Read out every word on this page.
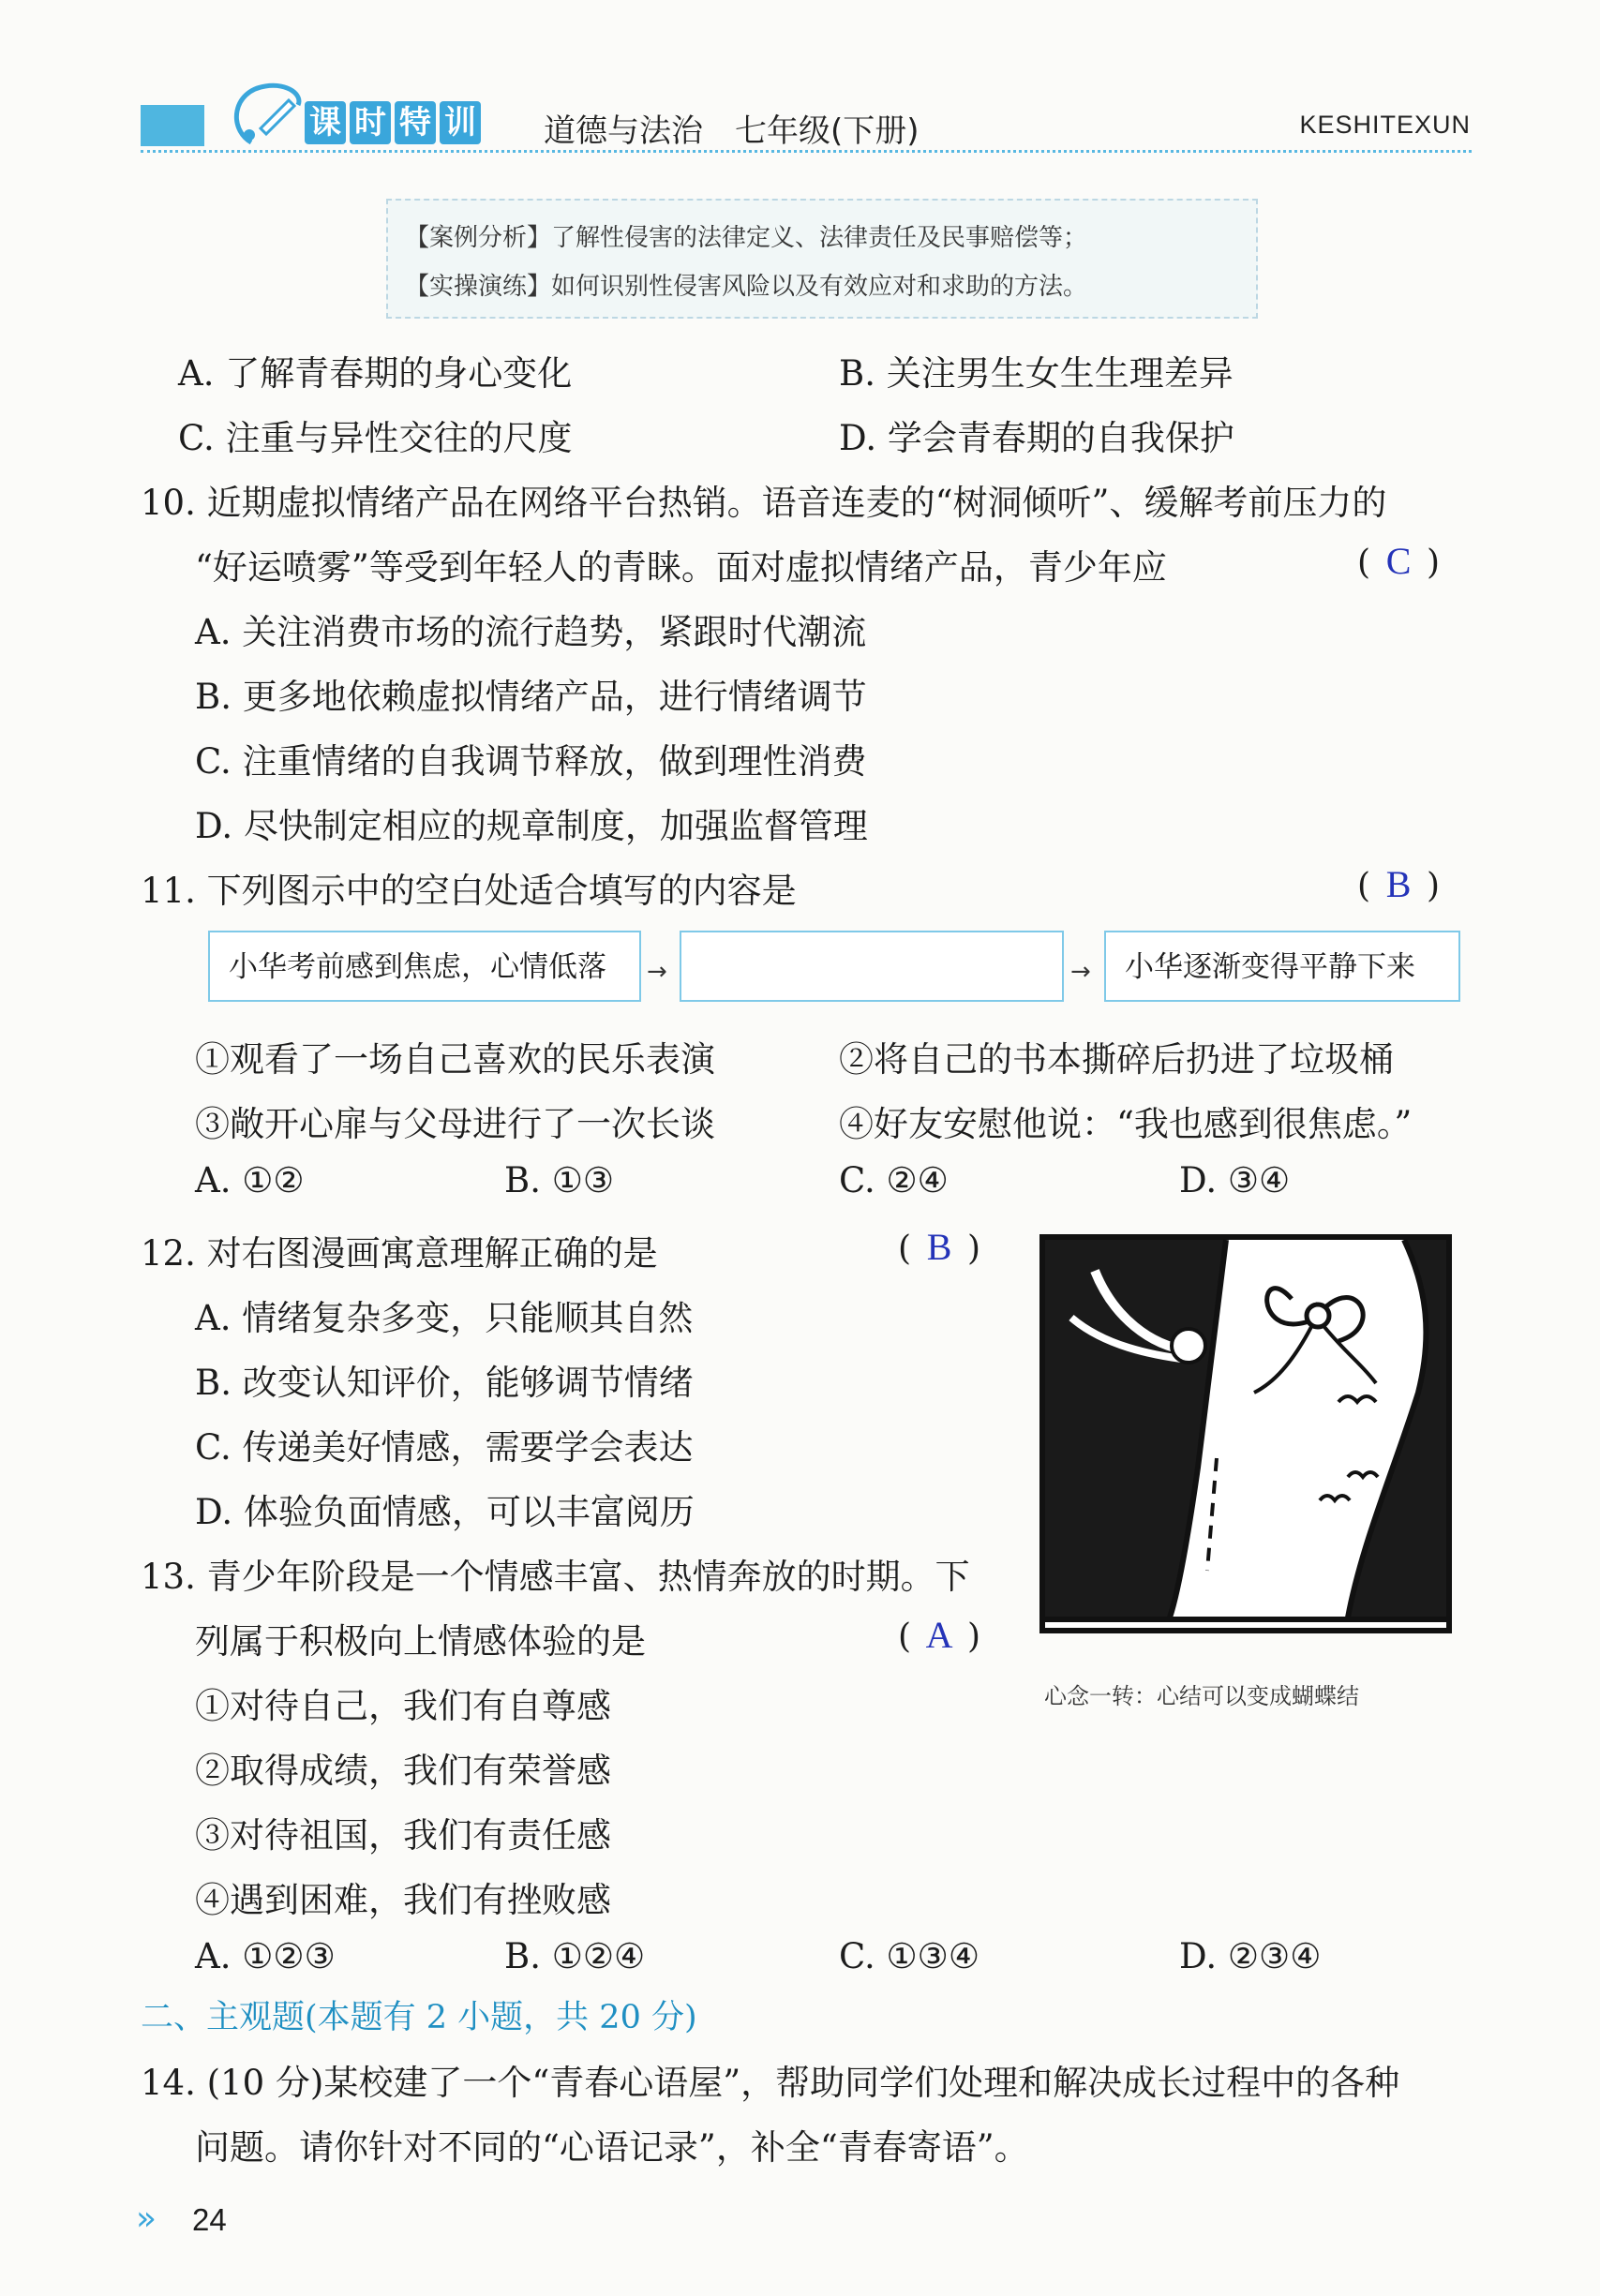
课 时 特 训 道德与法治　七年级(下册)	KESHITEXUN
【案例分析】了解性侵害的法律定义、法律责任及民事赔偿等；
【实操演练】如何识别性侵害风险以及有效应对和求助的方法。
A. 了解青春期的身心变化	B. 关注男生女生生理差异
C. 注重与异性交往的尺度	D. 学会青春期的自我保护
10. 近期虚拟情绪产品在网络平台热销。语音连麦的“树洞倾听”、缓解考前压力的
“好运喷雾”等受到年轻人的青睐。面对虚拟情绪产品，青少年应	( C )
A. 关注消费市场的流行趋势，紧跟时代潮流
B. 更多地依赖虚拟情绪产品，进行情绪调节
C. 注重情绪的自我调节释放，做到理性消费
D. 尽快制定相应的规章制度，加强监督管理
11. 下列图示中的空白处适合填写的内容是	( B )
小华考前感到焦虑，心情低落	→	→	小华逐渐变得平静下来
①观看了一场自己喜欢的民乐表演	②将自己的书本撕碎后扔进了垃圾桶
③敞开心扉与父母进行了一次长谈	④好友安慰他说：“我也感到很焦虑。”
A. ①②	B. ①③	C. ②④	D. ③④
12. 对右图漫画寓意理解正确的是	( B )
A. 情绪复杂多变，只能顺其自然
B. 改变认知评价，能够调节情绪
C. 传递美好情感，需要学会表达
D. 体验负面情感，可以丰富阅历
心念一转：心结可以变成蝴蝶结
13. 青少年阶段是一个情感丰富、热情奔放的时期。下
列属于积极向上情感体验的是	( A )
①对待自己，我们有自尊感
②取得成绩，我们有荣誉感
③对待祖国，我们有责任感
④遇到困难，我们有挫败感
A. ①②③	B. ①②④	C. ①③④	D. ②③④
二、主观题(本题有 2 小题，共 20 分)
14. (10 分)某校建了一个“青春心语屋”，帮助同学们处理和解决成长过程中的各种
问题。请你针对不同的“心语记录”，补全“青春寄语”。
» 24
